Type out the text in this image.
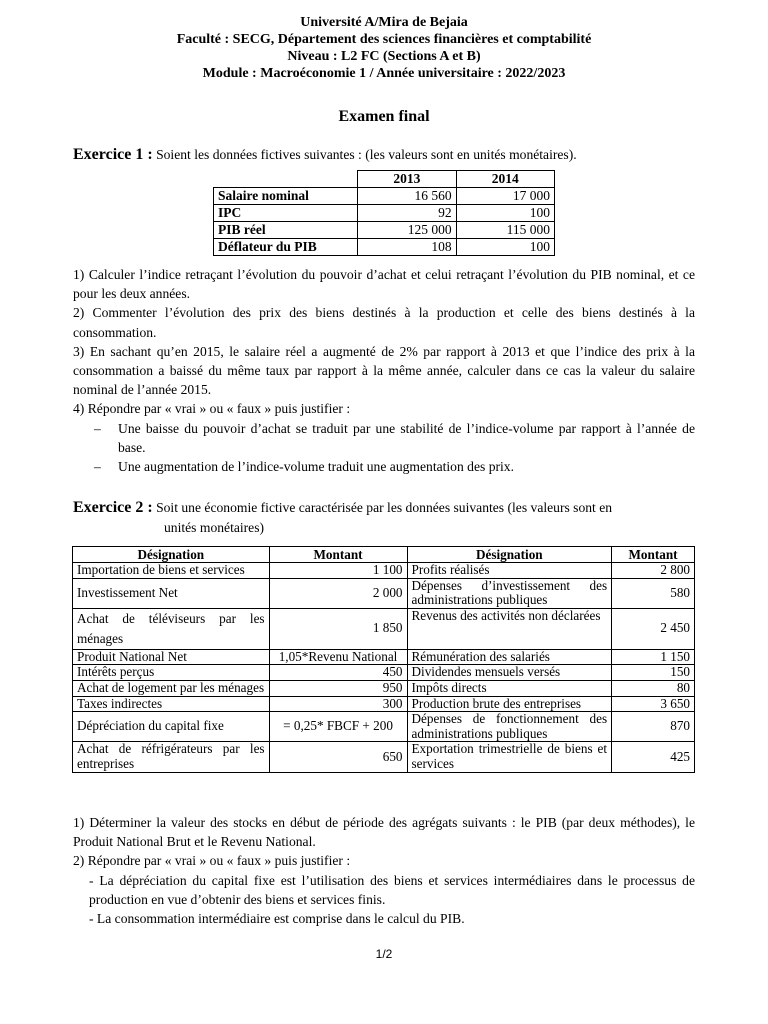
Université A/Mira de Bejaia
Faculté : SECG, Département des sciences financières et comptabilité
Niveau : L2 FC (Sections A et B)
Module : Macroéconomie 1 / Année universitaire : 2022/2023
Examen final
Exercice 1 : Soient les données fictives suivantes : (les valeurs sont en unités monétaires).
	2013	2014
Salaire nominal	16 560	17 000
IPC	92	100
PIB réel	125 000	115 000
Déflateur du PIB	108	100

1) Calculer l’indice retraçant l’évolution du pouvoir d’achat et celui retraçant l’évolution du PIB nominal, et ce pour les deux années.

2) Commenter l’évolution des prix des biens destinés à la production et celle des biens destinés à la consommation.

3) En sachant qu’en 2015, le salaire réel a augmenté de 2% par rapport à 2013 et que l’indice des prix à la consommation a baissé du même taux par rapport à la même année, calculer dans ce cas la valeur du salaire nominal de l’année 2015.

4) Répondre par « vrai » ou « faux » puis justifier :

– Une baisse du pouvoir d’achat se traduit par une stabilité de l’indice-volume par rapport à l’année de base.

– Une augmentation de l’indice-volume traduit une augmentation des prix.

Exercice 2 : Soit une économie fictive caractérisée par les données suivantes (les valeurs sont en
unités monétaires)
Désignation	Montant	Désignation	Montant
Importation de biens et services	1 100	Profits réalisés	2 800
Investissement Net	2 000	Dépenses d’investissement des administrations publiques	580
Achat de téléviseurs par les ménages	1 850	Revenus des activités non déclarées	2 450
Produit National Net	1,05*Revenu National	Rémunération des salariés	1 150
Intérêts perçus	450	Dividendes mensuels versés	150
Achat de logement par les ménages	950	Impôts directs	80
Taxes indirectes	300	Production brute des entreprises	3 650
Dépréciation du capital fixe	= 0,25* FBCF + 200	Dépenses de fonctionnement des administrations publiques	870
Achat de réfrigérateurs par les entreprises	650	Exportation trimestrielle de biens et services	425

1) Déterminer la valeur des stocks en début de période des agrégats suivants : le PIB (par deux méthodes), le Produit National Brut et le Revenu National.

2) Répondre par « vrai » ou « faux » puis justifier :

- La dépréciation du capital fixe est l’utilisation des biens et services intermédiaires dans le processus de production en vue d’obtenir des biens et services finis.

- La consommation intermédiaire est comprise dans le calcul du PIB.

1/2
